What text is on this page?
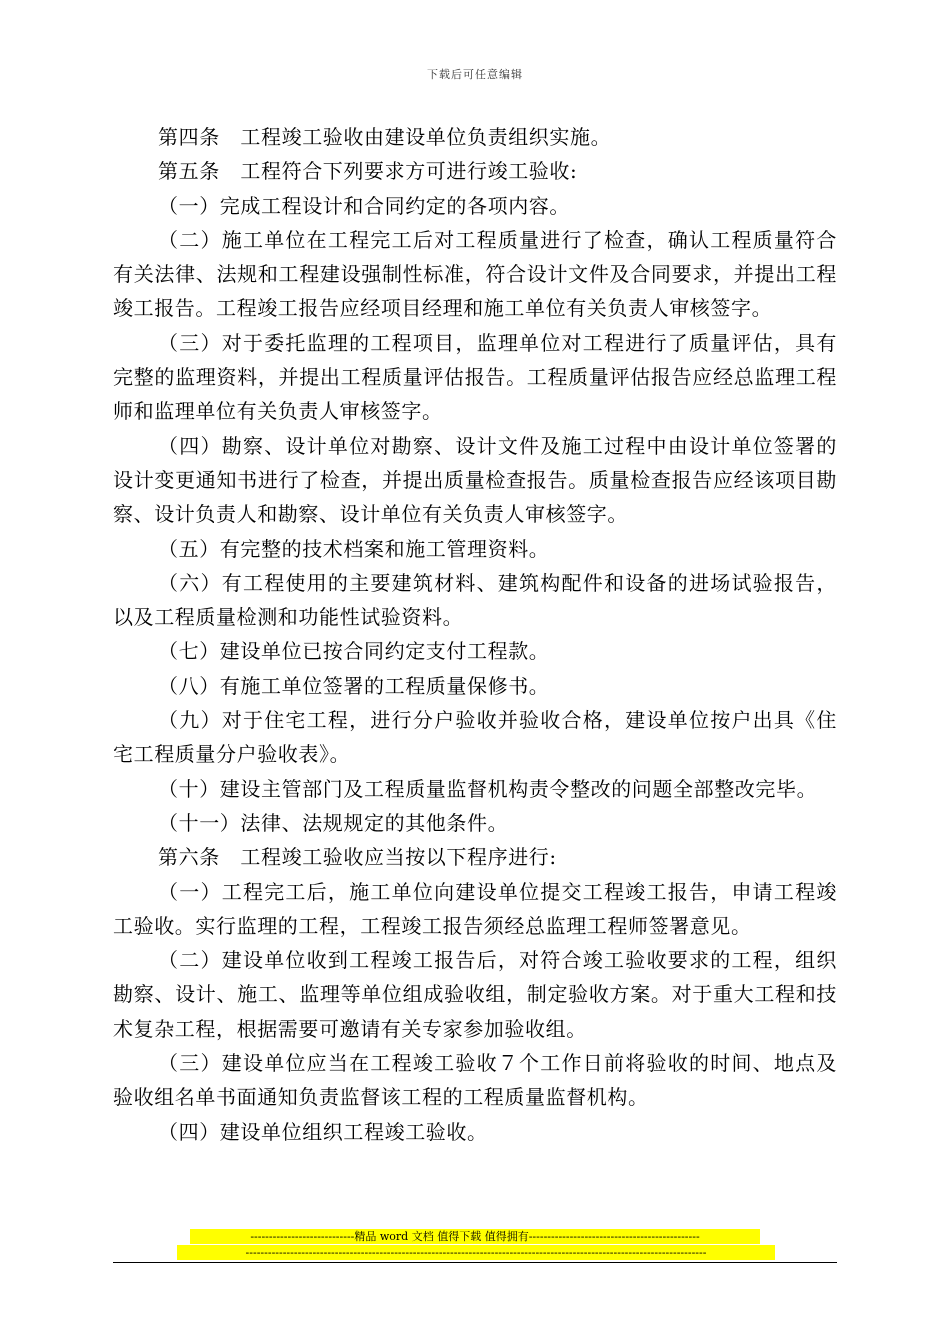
下载后可任意编辑

第四条　工程竣工验收由建设单位负责组织实施。

第五条　工程符合下列要求方可进行竣工验收:

（一）完成工程设计和合同约定的各项内容。

（二）施工单位在工程完工后对工程质量进行了检查，确认工程质量符合有关法律、法规和工程建设强制性标准，符合设计文件及合同要求，并提出工程竣工报告。工程竣工报告应经项目经理和施工单位有关负责人审核签字。

（三）对于委托监理的工程项目，监理单位对工程进行了质量评估，具有完整的监理资料，并提出工程质量评估报告。工程质量评估报告应经总监理工程师和监理单位有关负责人审核签字。

（四）勘察、设计单位对勘察、设计文件及施工过程中由设计单位签署的设计变更通知书进行了检查，并提出质量检查报告。质量检查报告应经该项目勘察、设计负责人和勘察、设计单位有关负责人审核签字。

（五）有完整的技术档案和施工管理资料。

（六）有工程使用的主要建筑材料、建筑构配件和设备的进场试验报告，以及工程质量检测和功能性试验资料。

（七）建设单位已按合同约定支付工程款。

（八）有施工单位签署的工程质量保修书。

（九）对于住宅工程，进行分户验收并验收合格，建设单位按户出具《住宅工程质量分户验收表》。

（十）建设主管部门及工程质量监督机构责令整改的问题全部整改完毕。

（十一）法律、法规规定的其他条件。

第六条　工程竣工验收应当按以下程序进行:

（一）工程完工后，施工单位向建设单位提交工程竣工报告，申请工程竣工验收。实行监理的工程，工程竣工报告须经总监理工程师签署意见。

（二）建设单位收到工程竣工报告后，对符合竣工验收要求的工程，组织勘察、设计、施工、监理等单位组成验收组，制定验收方案。对于重大工程和技术复杂工程，根据需要可邀请有关专家参加验收组。

（三）建设单位应当在工程竣工验收７个工作日前将验收的时间、地点及验收组名单书面通知负责监督该工程的工程质量监督机构。

（四）建设单位组织工程竣工验收。

----------------------------精品 word 文档 值得下载 值得拥有----------------------------------------------
----------------------------------------------------------------------------------------------------------------------------
